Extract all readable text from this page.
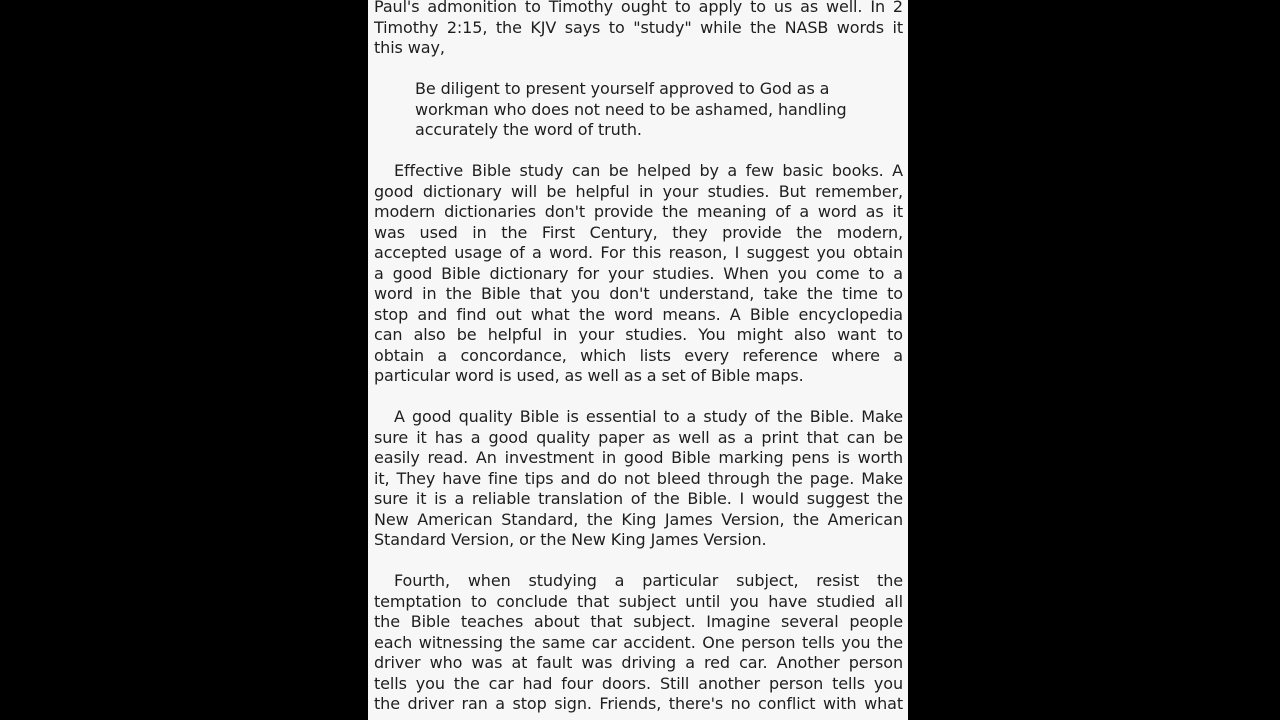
Paul's admonition to Timothy ought to apply to us as well. In 2
Timothy 2:15, the KJV says to "study" while the NASB words it
this way,
Be diligent to present yourself approved to God as a
workman who does not need to be ashamed, handling
accurately the word of truth.
Effective Bible study can be helped by a few basic books. A
good dictionary will be helpful in your studies. But remember,
modern dictionaries don't provide the meaning of a word as it
was used in the First Century, they provide the modern,
accepted usage of a word. For this reason, I suggest you obtain
a good Bible dictionary for your studies. When you come to a
word in the Bible that you don't understand, take the time to
stop and find out what the word means. A Bible encyclopedia
can also be helpful in your studies. You might also want to
obtain a concordance, which lists every reference where a
particular word is used, as well as a set of Bible maps.
A good quality Bible is essential to a study of the Bible. Make
sure it has a good quality paper as well as a print that can be
easily read. An investment in good Bible marking pens is worth
it, They have fine tips and do not bleed through the page. Make
sure it is a reliable translation of the Bible. I would suggest the
New American Standard, the King James Version, the American
Standard Version, or the New King James Version.
Fourth, when studying a particular subject, resist the
temptation to conclude that subject until you have studied all
the Bible teaches about that subject. Imagine several people
each witnessing the same car accident. One person tells you the
driver who was at fault was driving a red car. Another person
tells you the car had four doors. Still another person tells you
the driver ran a stop sign. Friends, there's no conflict with what
